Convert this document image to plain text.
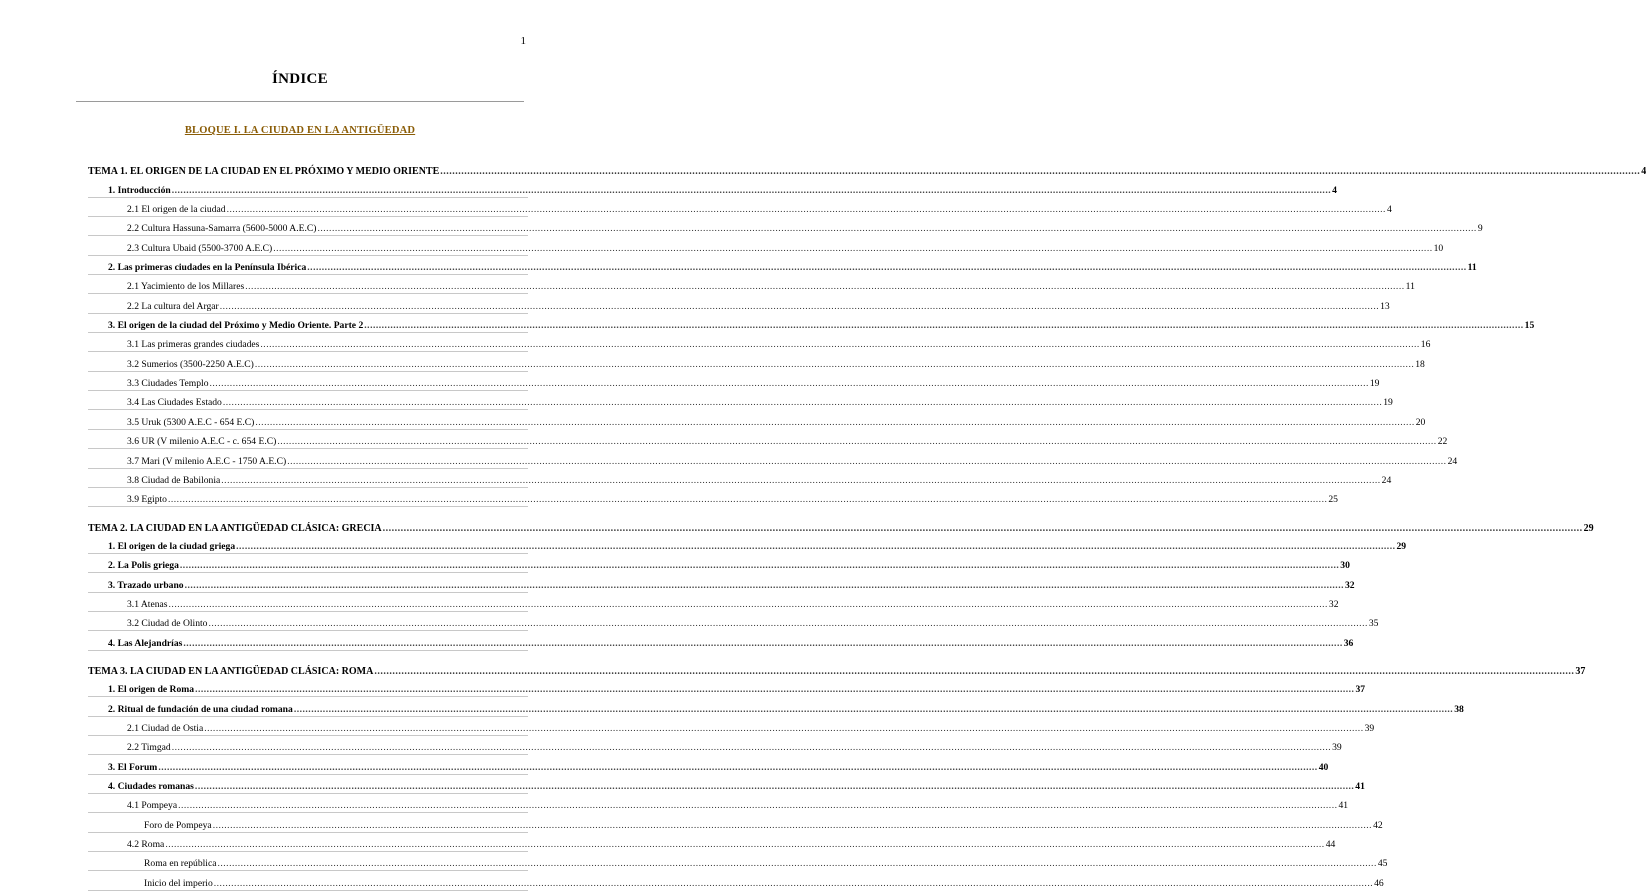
1
ÍNDICE
BLOQUE I. LA CIUDAD EN LA ANTIGÜEDAD
TEMA 1. EL ORIGEN DE LA CIUDAD EN EL PRÓXIMO Y MEDIO ORIENTE ................................................................................................................................................................................................................................................................................................................................................................................................................ 4
1. Introducción ................................................................................................................................................................................................................................................................................................................................................................................................................ 4
2.1 El origen de la ciudad ................................................................................................................................................................................................................................................................................................................................................................................................................ 4
2.2 Cultura Hassuna-Samarra (5600-5000 A.E.C) ................................................................................................................................................................................................................................................................................................................................................................................................................ 9
2.3 Cultura Ubaid (5500-3700 A.E.C) ................................................................................................................................................................................................................................................................................................................................................................................................................ 10
2. Las primeras ciudades en la Península Ibérica ................................................................................................................................................................................................................................................................................................................................................................................................................ 11
2.1 Yacimiento de los Millares ................................................................................................................................................................................................................................................................................................................................................................................................................ 11
2.2 La cultura del Argar ................................................................................................................................................................................................................................................................................................................................................................................................................ 13
3. El origen de la ciudad del Próximo y Medio Oriente. Parte 2 ................................................................................................................................................................................................................................................................................................................................................................................................................ 15
3.1 Las primeras grandes ciudades ................................................................................................................................................................................................................................................................................................................................................................................................................ 16
3.2 Sumerios (3500-2250 A.E.C) ................................................................................................................................................................................................................................................................................................................................................................................................................ 18
3.3 Ciudades Templo ................................................................................................................................................................................................................................................................................................................................................................................................................ 19
3.4 Las Ciudades Estado ................................................................................................................................................................................................................................................................................................................................................................................................................ 19
3.5 Uruk (5300 A.E.C - 654 E.C) ................................................................................................................................................................................................................................................................................................................................................................................................................ 20
3.6 UR (V milenio A.E.C - c. 654 E.C) ................................................................................................................................................................................................................................................................................................................................................................................................................ 22
3.7 Mari (V milenio A.E.C - 1750 A.E.C) ................................................................................................................................................................................................................................................................................................................................................................................................................ 24
3.8 Ciudad de Babilonia ................................................................................................................................................................................................................................................................................................................................................................................................................ 24
3.9 Egipto ................................................................................................................................................................................................................................................................................................................................................................................................................ 25
TEMA 2. LA CIUDAD EN LA ANTIGÜEDAD CLÁSICA: GRECIA ................................................................................................................................................................................................................................................................................................................................................................................................................ 29
1. El origen de la ciudad griega ................................................................................................................................................................................................................................................................................................................................................................................................................ 29
2. La Polis griega ................................................................................................................................................................................................................................................................................................................................................................................................................ 30
3. Trazado urbano ................................................................................................................................................................................................................................................................................................................................................................................................................ 32
3.1 Atenas ................................................................................................................................................................................................................................................................................................................................................................................................................ 32
3.2 Ciudad de Olinto ................................................................................................................................................................................................................................................................................................................................................................................................................ 35
4. Las Alejandrías ................................................................................................................................................................................................................................................................................................................................................................................................................ 36
TEMA 3. LA CIUDAD EN LA ANTIGÜEDAD CLÁSICA: ROMA ................................................................................................................................................................................................................................................................................................................................................................................................................ 37
1. El origen de Roma ................................................................................................................................................................................................................................................................................................................................................................................................................ 37
2. Ritual de fundación de una ciudad romana ................................................................................................................................................................................................................................................................................................................................................................................................................ 38
2.1 Ciudad de Ostia ................................................................................................................................................................................................................................................................................................................................................................................................................ 39
2.2 Timgad ................................................................................................................................................................................................................................................................................................................................................................................................................ 39
3. El Forum ................................................................................................................................................................................................................................................................................................................................................................................................................ 40
4. Ciudades romanas ................................................................................................................................................................................................................................................................................................................................................................................................................ 41
4.1 Pompeya ................................................................................................................................................................................................................................................................................................................................................................................................................ 41
Foro de Pompeya ................................................................................................................................................................................................................................................................................................................................................................................................................ 42
4.2 Roma ................................................................................................................................................................................................................................................................................................................................................................................................................ 44
Roma en república ................................................................................................................................................................................................................................................................................................................................................................................................................ 45
Inicio del imperio ................................................................................................................................................................................................................................................................................................................................................................................................................ 46
